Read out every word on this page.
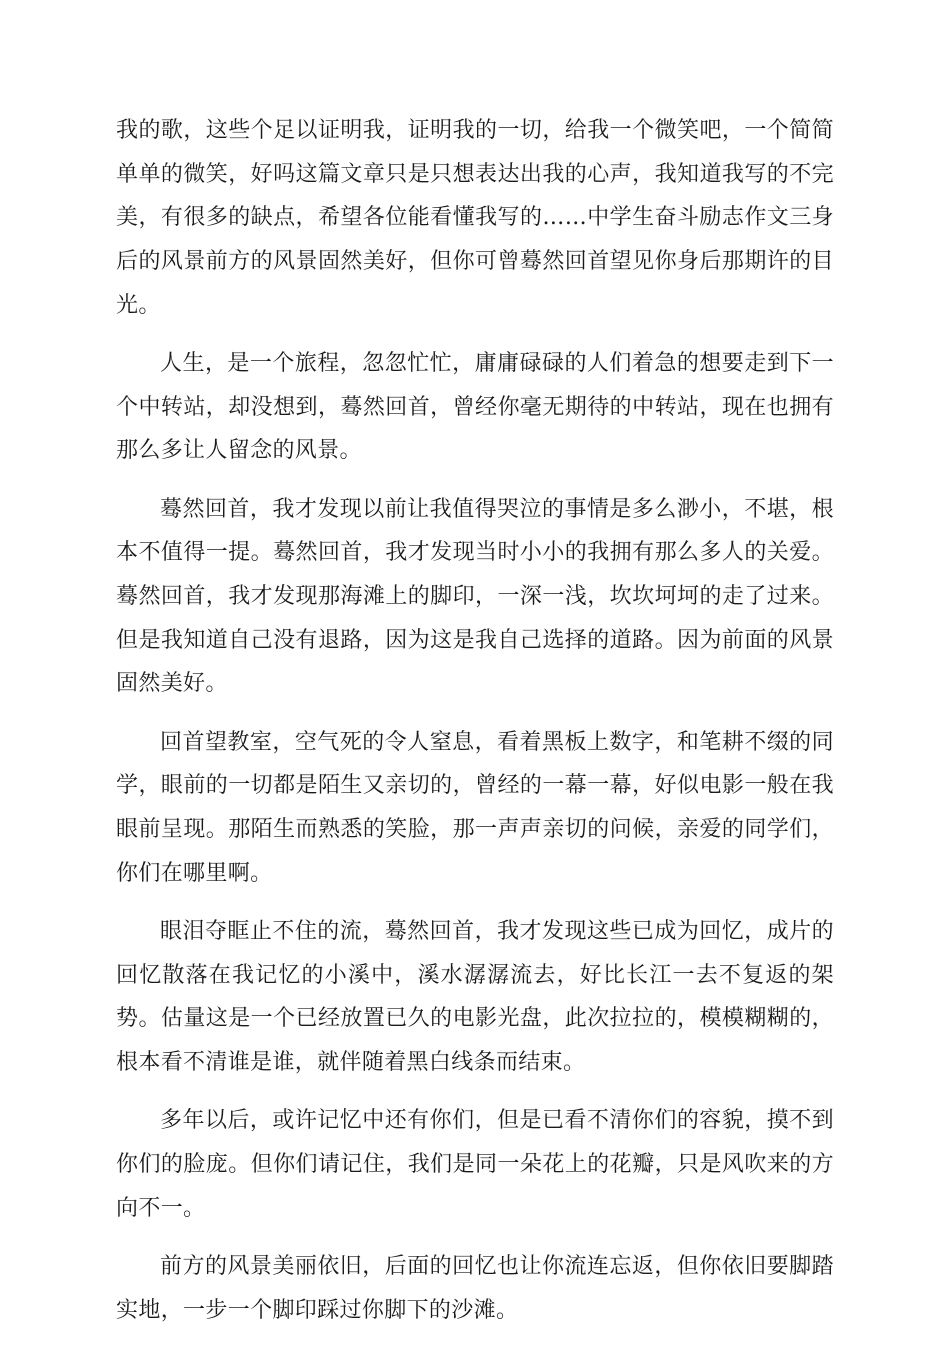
我的歌，这些个足以证明我，证明我的一切，给我一个微笑吧，一个简简单单的微笑，好吗这篇文章只是只想表达出我的心声，我知道我写的不完美，有很多的缺点，希望各位能看懂我写的……中学生奋斗励志作文三身后的风景前方的风景固然美好，但你可曾蓦然回首望见你身后那期许的目光。

人生，是一个旅程，忽忽忙忙，庸庸碌碌的人们着急的想要走到下一个中转站，却没想到，蓦然回首，曾经你毫无期待的中转站，现在也拥有那么多让人留念的风景。

蓦然回首，我才发现以前让我值得哭泣的事情是多么渺小，不堪，根本不值得一提。蓦然回首，我才发现当时小小的我拥有那么多人的关爱。蓦然回首，我才发现那海滩上的脚印，一深一浅，坎坎坷坷的走了过来。但是我知道自己没有退路，因为这是我自己选择的道路。因为前面的风景固然美好。

回首望教室，空气死的令人窒息，看着黑板上数字，和笔耕不缀的同学，眼前的一切都是陌生又亲切的，曾经的一幕一幕，好似电影一般在我眼前呈现。那陌生而熟悉的笑脸，那一声声亲切的问候，亲爱的同学们，你们在哪里啊。

眼泪夺眶止不住的流，蓦然回首，我才发现这些已成为回忆，成片的回忆散落在我记忆的小溪中，溪水潺潺流去，好比长江一去不复返的架势。估量这是一个已经放置已久的电影光盘，此次拉拉的，模模糊糊的，根本看不清谁是谁，就伴随着黑白线条而结束。

多年以后，或许记忆中还有你们，但是已看不清你们的容貌，摸不到你们的脸庞。但你们请记住，我们是同一朵花上的花瓣，只是风吹来的方向不一。

前方的风景美丽依旧，后面的回忆也让你流连忘返，但你依旧要脚踏实地，一步一个脚印踩过你脚下的沙滩。
